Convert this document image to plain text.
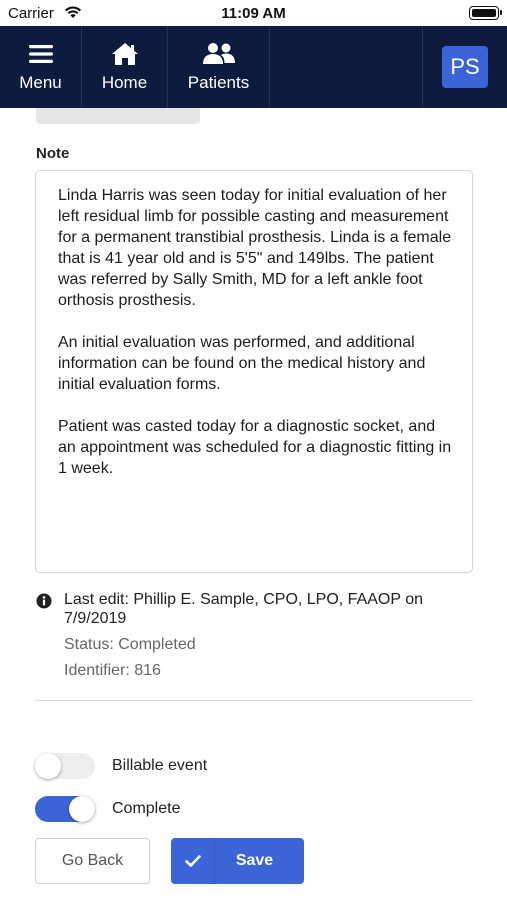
Carrier	11:09 AM
Menu Home Patients
PS
Note

Linda Harris was seen today for initial evaluation of her left residual limb for possible casting and measurement for a permanent transtibial prosthesis. Linda is a female that is 41 year old and is 5'5" and 149lbs. The patient was referred by Sally Smith, MD for a left ankle foot orthosis prosthesis.

An initial evaluation was performed, and additional information can be found on the medical history and initial evaluation forms.

Patient was casted today for a diagnostic socket, and an appointment was scheduled for a diagnostic fitting in 1 week.

Last edit: Phillip E. Sample, CPO, LPO, FAAOP on 7/9/2019
Status: Completed
Identifier: 816
Billable event
Complete
Go Back	Save
